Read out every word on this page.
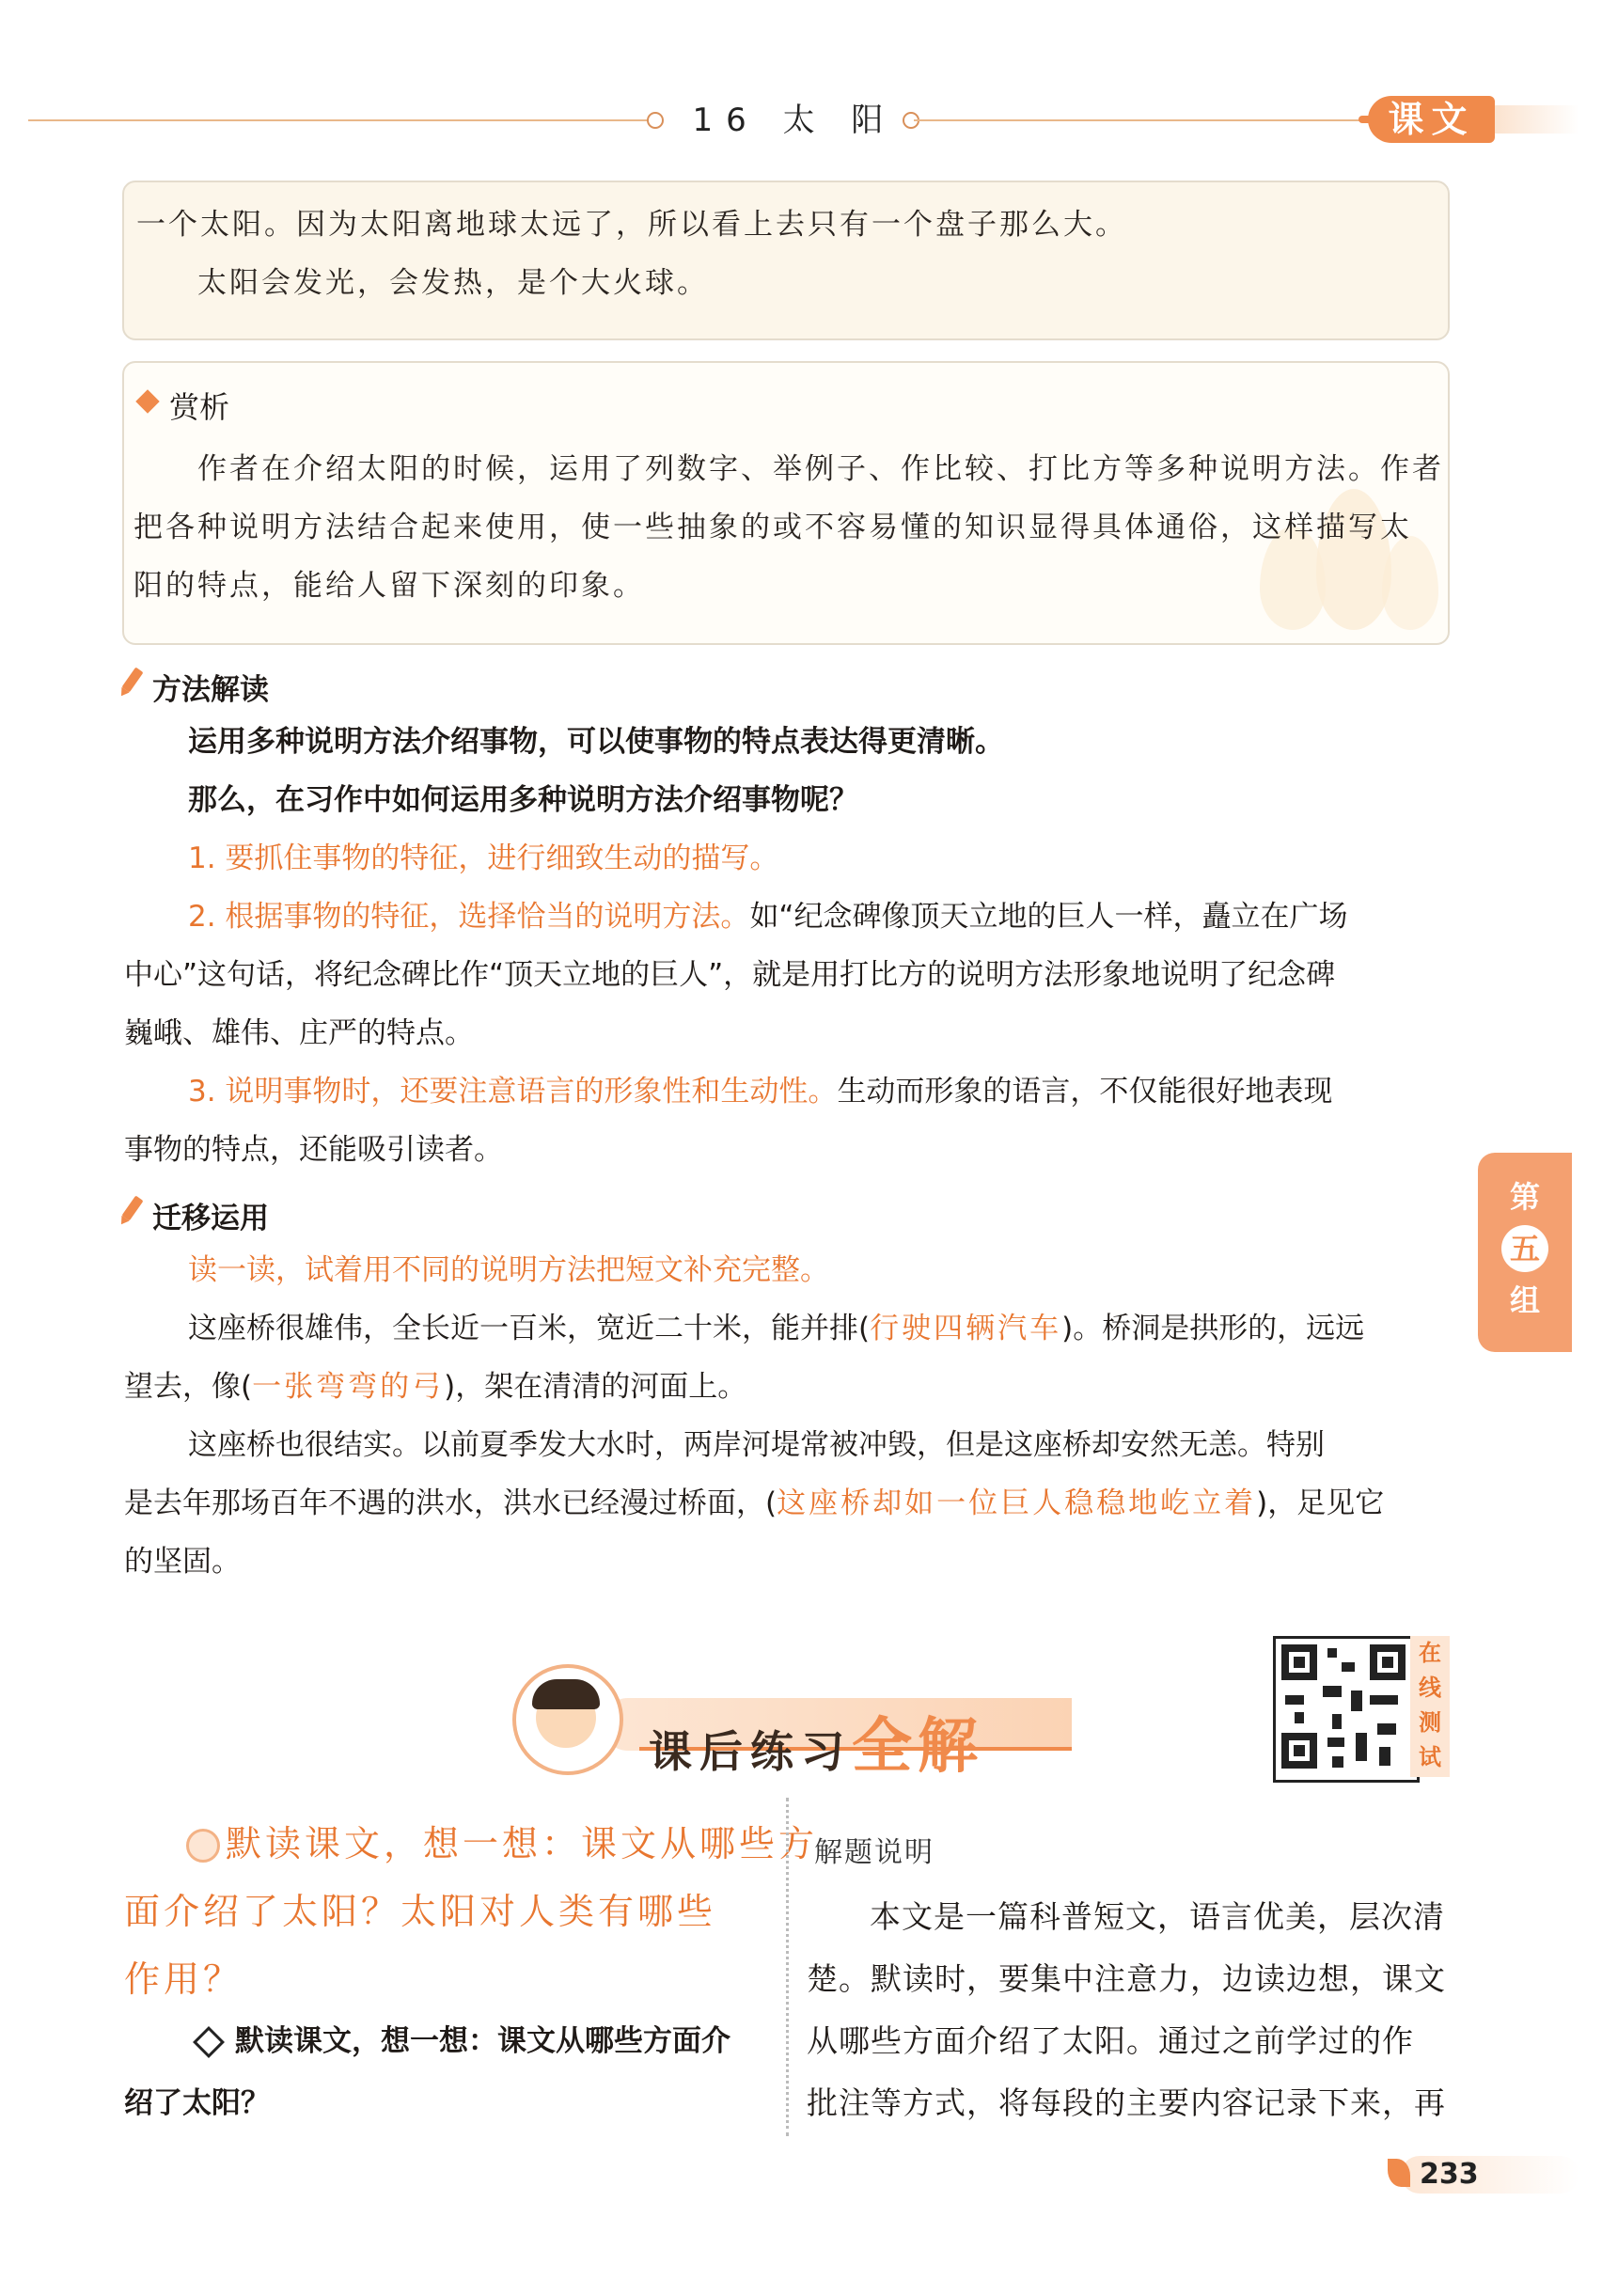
16 太 阳	课文
一个太阳。因为太阳离地球太远了，所以看上去只有一个盘子那么大。
太阳会发光，会发热，是个大火球。
赏析
作者在介绍太阳的时候，运用了列数字、举例子、作比较、打比方等多种说明方法。作者
把各种说明方法结合起来使用，使一些抽象的或不容易懂的知识显得具体通俗，这样描写太
阳的特点，能给人留下深刻的印象。
方法解读
运用多种说明方法介绍事物，可以使事物的特点表达得更清晰。
那么，在习作中如何运用多种说明方法介绍事物呢？
1. 要抓住事物的特征，进行细致生动的描写。
2. 根据事物的特征，选择恰当的说明方法。如“纪念碑像顶天立地的巨人一样，矗立在广场
中心”这句话，将纪念碑比作“顶天立地的巨人”，就是用打比方的说明方法形象地说明了纪念碑
巍峨、雄伟、庄严的特点。
3. 说明事物时，还要注意语言的形象性和生动性。生动而形象的语言，不仅能很好地表现
事物的特点，还能吸引读者。
迁移运用
读一读，试着用不同的说明方法把短文补充完整。
这座桥很雄伟，全长近一百米，宽近二十米，能并排(行驶四辆汽车)。桥洞是拱形的，远远
望去，像(一张弯弯的弓)，架在清清的河面上。
这座桥也很结实。以前夏季发大水时，两岸河堤常被冲毁，但是这座桥却安然无恙。特别
是去年那场百年不遇的洪水，洪水已经漫过桥面，(这座桥却如一位巨人稳稳地屹立着)，足见它
的坚固。
第
五
组
课后练习全解
在
线
测
试
默读课文，想一想：课文从哪些方
面介绍了太阳？太阳对人类有哪些
作用？
默读课文，想一想：课文从哪些方面介
绍了太阳？
解题说明
本文是一篇科普短文，语言优美，层次清
楚。默读时，要集中注意力，边读边想，课文
从哪些方面介绍了太阳。通过之前学过的作
批注等方式，将每段的主要内容记录下来，再
233
